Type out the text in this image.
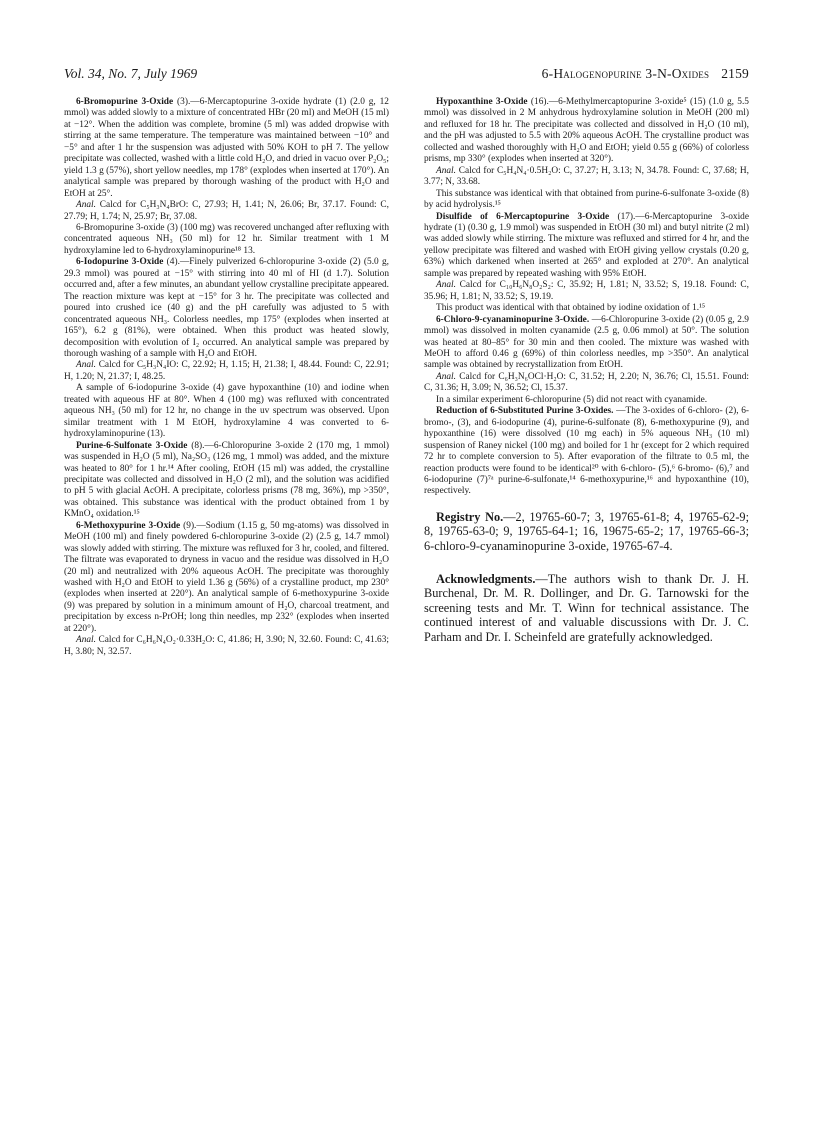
Vol. 34, No. 7, July 1969	6-Halogenopurine 3-N-Oxides 2159

6-Bromopurine 3-Oxide (3).—6-Mercaptopurine 3-oxide hydrate (1) (2.0 g, 12 mmol) was added slowly to a mixture of concentrated HBr (20 ml) and MeOH (15 ml) at −12°. When the addition was complete, bromine (5 ml) was added dropwise with stirring at the same temperature. The temperature was maintained between −10° and −5° and after 1 hr the suspension was adjusted with 50% KOH to pH 7. The yellow precipitate was collected, washed with a little cold H₂O, and dried in vacuo over P₂O₅; yield 1.3 g (57%), short yellow needles, mp 178° (explodes when inserted at 170°). An analytical sample was prepared by thorough washing of the product with H₂O and EtOH at 25°.

Anal. Calcd for C₅H₃N₄BrO: C, 27.93; H, 1.41; N, 26.06; Br, 37.17. Found: C, 27.79; H, 1.74; N, 25.97; Br, 37.08.

6-Bromopurine 3-oxide (3) (100 mg) was recovered unchanged after refluxing with concentrated aqueous NH₃ (50 ml) for 12 hr. Similar treatment with 1 M hydroxylamine led to 6-hydroxylaminopurine¹⁸ 13.

6-Iodopurine 3-Oxide (4).—Finely pulverized 6-chloropurine 3-oxide (2) (5.0 g, 29.3 mmol) was poured at −15° with stirring into 40 ml of HI (d 1.7). Solution occurred and, after a few minutes, an abundant yellow crystalline precipitate appeared. The reaction mixture was kept at −15° for 3 hr. The precipitate was collected and poured into crushed ice (40 g) and the pH carefully was adjusted to 5 with concentrated aqueous NH₃. Colorless needles, mp 175° (explodes when inserted at 165°), 6.2 g (81%), were obtained. When this product was heated slowly, decomposition with evolution of I₂ occurred. An analytical sample was prepared by thorough washing of a sample with H₂O and EtOH.

Anal. Calcd for C₅H₃N₄IO: C, 22.92; H, 1.15; H, 21.38; I, 48.44. Found: C, 22.91; H, 1.20; N, 21.37; I, 48.25.

A sample of 6-iodopurine 3-oxide (4) gave hypoxanthine (10) and iodine when treated with aqueous HF at 80°. When 4 (100 mg) was refluxed with concentrated aqueous NH₃ (50 ml) for 12 hr, no change in the uv spectrum was observed. Upon similar treatment with 1 M EtOH, hydroxylamine 4 was converted to 6-hydroxylaminopurine (13).

Purine-6-Sulfonate 3-Oxide (8).—6-Chloropurine 3-oxide 2 (170 mg, 1 mmol) was suspended in H₂O (5 ml), Na₂SO₃ (126 mg, 1 mmol) was added, and the mixture was heated to 80° for 1 hr.¹⁴ After cooling, EtOH (15 ml) was added, the crystalline precipitate was collected and dissolved in H₂O (2 ml), and the solution was acidified to pH 5 with glacial AcOH. A precipitate, colorless prisms (78 mg, 36%), mp >350°, was obtained. This substance was identical with the product obtained from 1 by KMnO₄ oxidation.¹⁵

6-Methoxypurine 3-Oxide (9).—Sodium (1.15 g, 50 mg-atoms) was dissolved in MeOH (100 ml) and finely powdered 6-chloropurine 3-oxide (2) (2.5 g, 14.7 mmol) was slowly added with stirring. The mixture was refluxed for 3 hr, cooled, and filtered. The filtrate was evaporated to dryness in vacuo and the residue was dissolved in H₂O (20 ml) and neutralized with 20% aqueous AcOH. The precipitate was thoroughly washed with H₂O and EtOH to yield 1.36 g (56%) of a crystalline product, mp 230° (explodes when inserted at 220°). An analytical sample of 6-methoxypurine 3-oxide (9) was prepared by solution in a minimum amount of H₂O, charcoal treatment, and precipitation by excess n-PrOH; long thin needles, mp 232° (explodes when inserted at 220°).

Anal. Calcd for C₆H₆N₄O₂·0.33H₂O: C, 41.86; H, 3.90; N, 32.60. Found: C, 41.63; H, 3.80; N, 32.57.

Hypoxanthine 3-Oxide (16).—6-Methylmercaptopurine 3-oxide⁵ (15) (1.0 g, 5.5 mmol) was dissolved in 2 M anhydrous hydroxylamine solution in MeOH (200 ml) and refluxed for 18 hr. The precipitate was collected and dissolved in H₂O (10 ml), and the pH was adjusted to 5.5 with 20% aqueous AcOH. The crystalline product was collected and washed thoroughly with H₂O and EtOH; yield 0.55 g (66%) of colorless prisms, mp 330° (explodes when inserted at 320°).

Anal. Calcd for C₅H₄N₄·0.5H₂O: C, 37.27; H, 3.13; N, 34.78. Found: C, 37.68; H, 3.77; N, 33.68.

This substance was identical with that obtained from purine-6-sulfonate 3-oxide (8) by acid hydrolysis.¹⁵

Disulfide of 6-Mercaptopurine 3-Oxide (17).—6-Mercaptopurine 3-oxide hydrate (1) (0.30 g, 1.9 mmol) was suspended in EtOH (30 ml) and butyl nitrite (2 ml) was added slowly while stirring. The mixture was refluxed and stirred for 4 hr, and the yellow precipitate was filtered and washed with EtOH giving yellow crystals (0.20 g, 63%) which darkened when inserted at 265° and exploded at 270°. An analytical sample was prepared by repeated washing with 95% EtOH.

Anal. Calcd for C₁₀H₆N₈O₂S₂: C, 35.92; H, 1.81; N, 33.52; S, 19.18. Found: C, 35.96; H, 1.81; N, 33.52; S, 19.19.

This product was identical with that obtained by iodine oxidation of 1.¹⁵

6-Chloro-9-cyanaminopurine 3-Oxide. —6-Chloropurine 3-oxide (2) (0.05 g, 2.9 mmol) was dissolved in molten cyanamide (2.5 g, 0.06 mmol) at 50°. The solution was heated at 80–85° for 30 min and then cooled. The mixture was washed with MeOH to afford 0.46 g (69%) of thin colorless needles, mp >350°. An analytical sample was obtained by recrystallization from EtOH.

Anal. Calcd for C₆H₃N₆OCl·H₂O: C, 31.52; H, 2.20; N, 36.76; Cl, 15.51. Found: C, 31.36; H, 3.09; N, 36.52; Cl, 15.37.

In a similar experiment 6-chloropurine (5) did not react with cyanamide.

Reduction of 6-Substituted Purine 3-Oxides. —The 3-oxides of 6-chloro- (2), 6-bromo-, (3), and 6-iodopurine (4), purine-6-sulfonate (8), 6-methoxypurine (9), and hypoxanthine (16) were dissolved (10 mg each) in 5% aqueous NH₃ (10 ml) suspension of Raney nickel (100 mg) and boiled for 1 hr (except for 2 which required 72 hr to complete conversion to 5). After evaporation of the filtrate to 0.5 ml, the reaction products were found to be identical²⁰ with 6-chloro- (5),⁶ 6-bromo- (6),⁷ and 6-iodopurine (7)⁷ᵃ purine-6-sulfonate,¹⁴ 6-methoxypurine,¹⁶ and hypoxanthine (10), respectively.

Registry No.—2, 19765-60-7; 3, 19765-61-8; 4, 19765-62-9; 8, 19765-63-0; 9, 19765-64-1; 16, 19675-65-2; 17, 19765-66-3; 6-chloro-9-cyanaminopurine 3-oxide, 19765-67-4.

Acknowledgments.—The authors wish to thank Dr. J. H. Burchenal, Dr. M. R. Dollinger, and Dr. G. Tarnowski for the screening tests and Mr. T. Winn for technical assistance. The continued interest of and valuable discussions with Dr. J. C. Parham and Dr. I. Scheinfeld are gratefully acknowledged.
